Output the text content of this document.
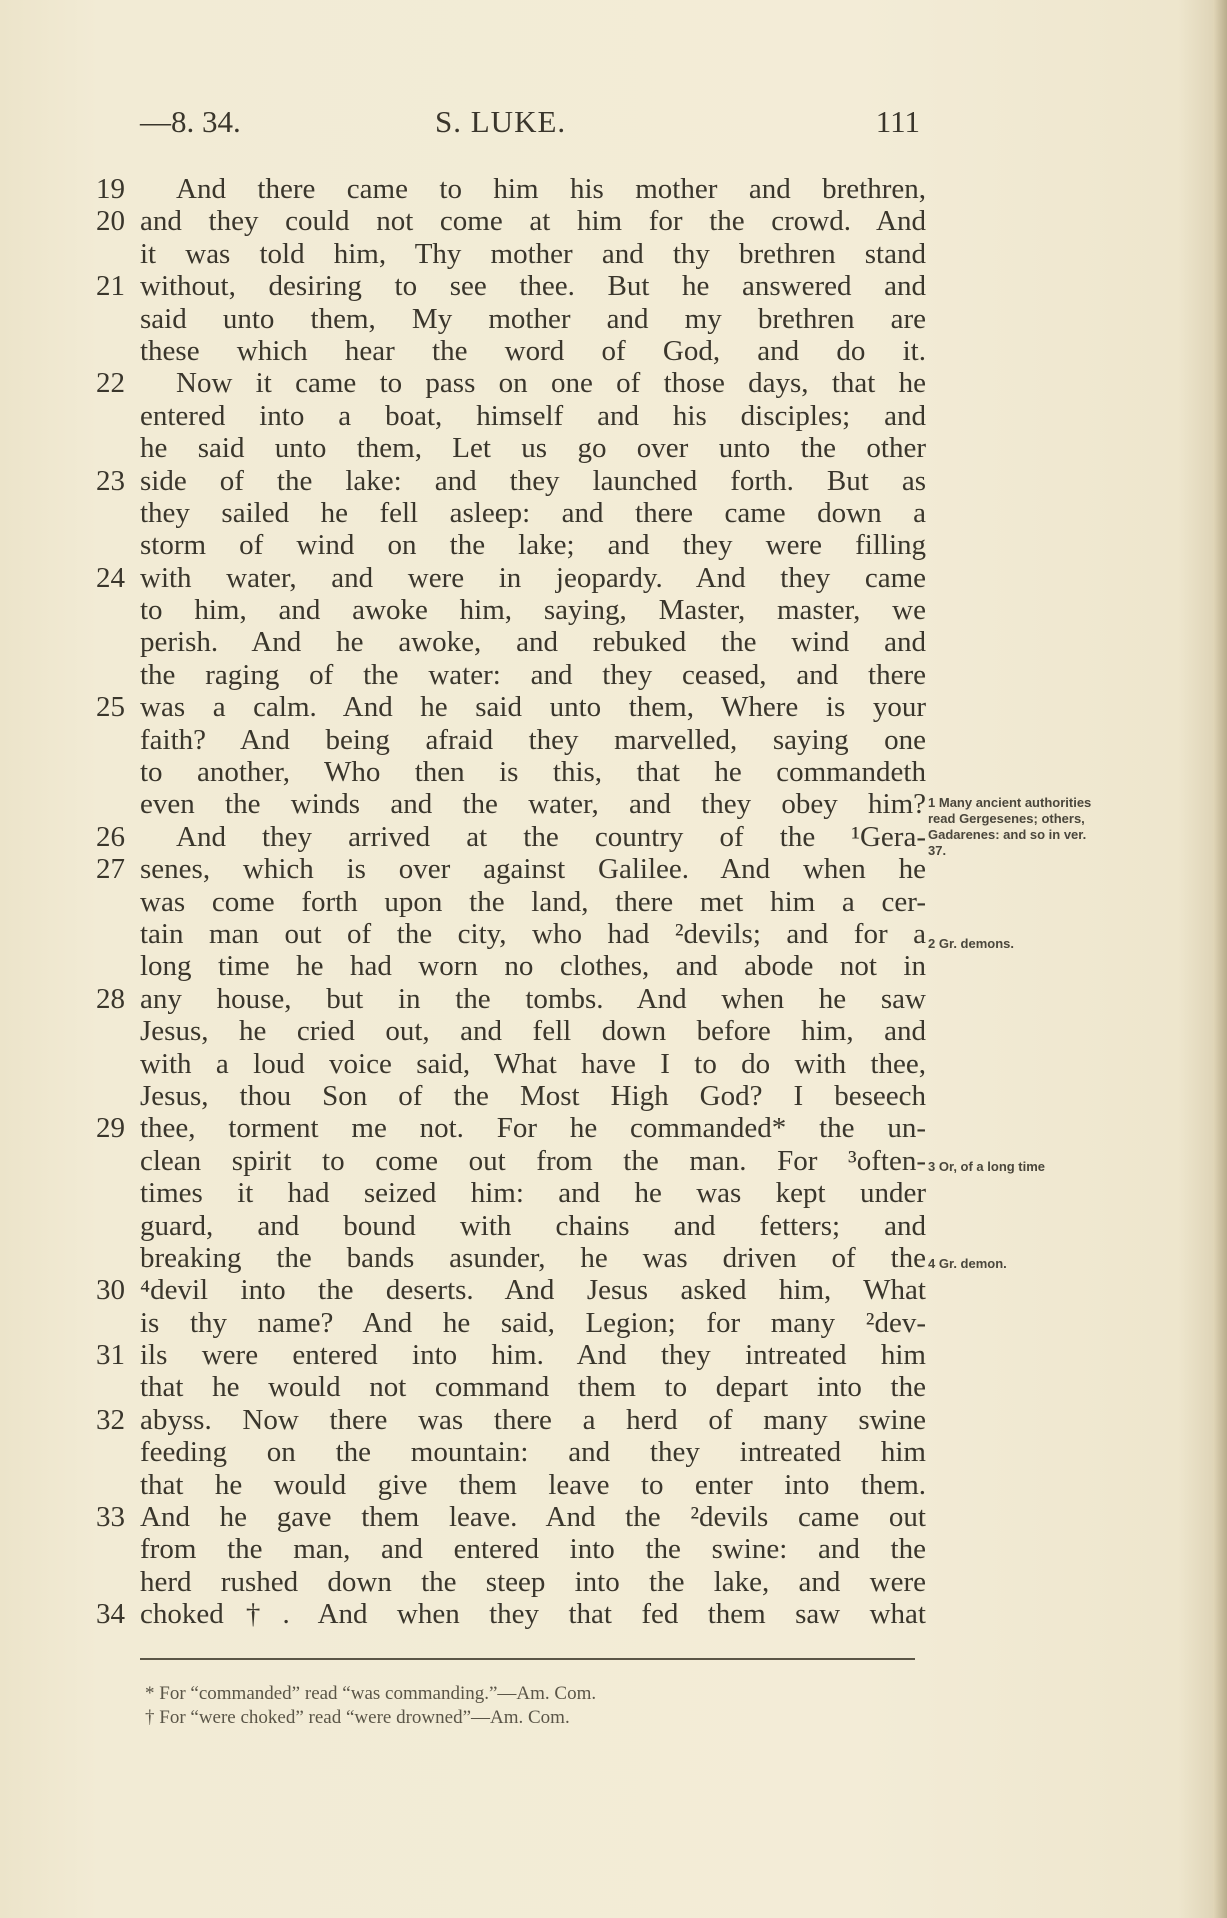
—8. 34.	S. LUKE.	111
19	And there came to him his mother and brethren,
20 and they could not come at him for the crowd. And
it was told him, Thy mother and thy brethren stand
21 without, desiring to see thee. But he answered and
said unto them, My mother and my brethren are
these which hear the word of God, and do it.
22	Now it came to pass on one of those days, that he
entered into a boat, himself and his disciples; and
he said unto them, Let us go over unto the other
23 side of the lake: and they launched forth. But as
they sailed he fell asleep: and there came down a
storm of wind on the lake; and they were filling
24 with water, and were in jeopardy. And they came
to him, and awoke him, saying, Master, master, we
perish. And he awoke, and rebuked the wind and
the raging of the water: and they ceased, and there
25 was a calm. And he said unto them, Where is your
faith? And being afraid they marvelled, saying one
to another, Who then is this, that he commandeth
even the winds and the water, and they obey him?
26	And they arrived at the country of the ¹Gera-
27 senes, which is over against Galilee. And when he
was come forth upon the land, there met him a cer-
tain man out of the city, who had ²devils; and for a
long time he had worn no clothes, and abode not in
28 any house, but in the tombs. And when he saw
Jesus, he cried out, and fell down before him, and
with a loud voice said, What have I to do with thee,
Jesus, thou Son of the Most High God? I beseech
29 thee, torment me not. For he commanded* the un-
clean spirit to come out from the man. For ³often-
times it had seized him: and he was kept under
guard, and bound with chains and fetters; and
breaking the bands asunder, he was driven of the
30 ⁴devil into the deserts. And Jesus asked him, What
is thy name? And he said, Legion; for many ²dev-
31 ils were entered into him. And they intreated him
that he would not command them to depart into the
32 abyss. Now there was there a herd of many swine
feeding on the mountain: and they intreated him
that he would give them leave to enter into them.
33 And he gave them leave. And the ²devils came out
from the man, and entered into the swine: and the
herd rushed down the steep into the lake, and were
34 choked†. And when they that fed them saw what
1 Many ancient authorities read Gergesenes; others, Gadarenes: and so in ver. 37.
2 Gr. demons.
3 Or, of a long time
4 Gr. demon.
* For “commanded” read “was commanding.”—Am. Com.
† For “were choked” read “were drowned”—Am. Com.
